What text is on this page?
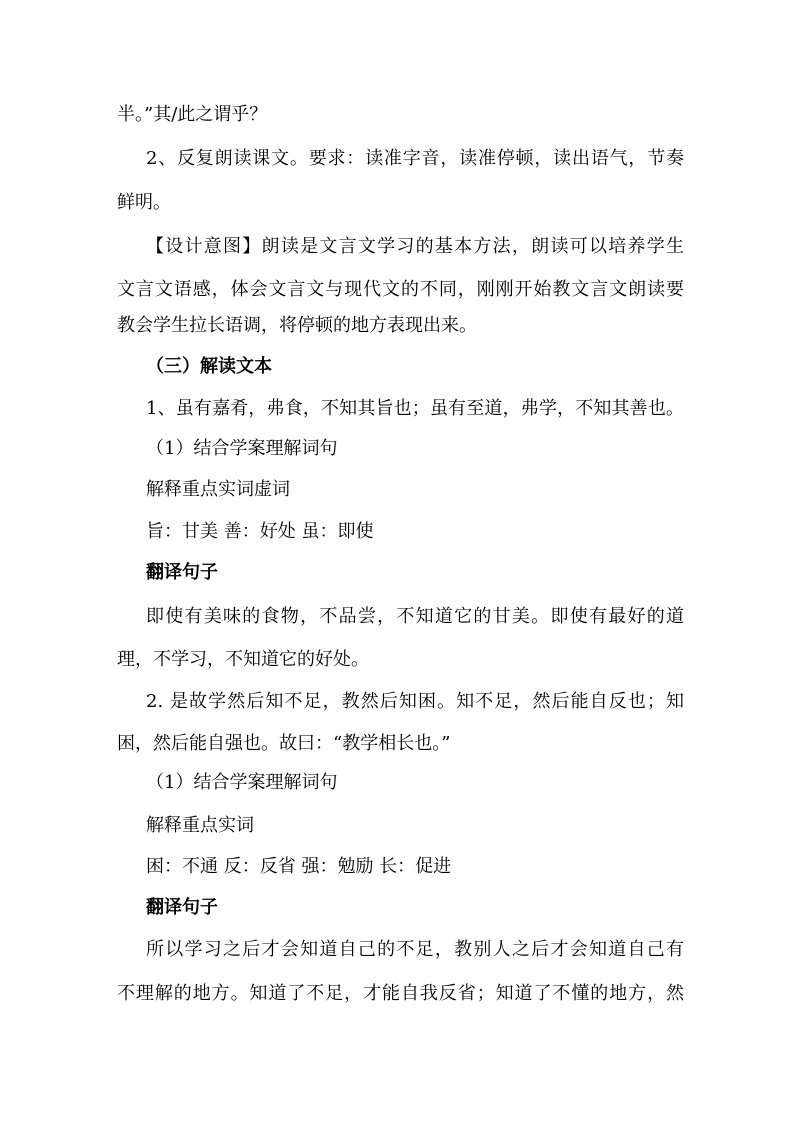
半。”其/此之谓乎？
2、反复朗读课文。要求：读准字音，读准停顿，读出语气，节奏
鲜明。
【设计意图】朗读是文言文学习的基本方法，朗读可以培养学生
文言文语感，体会文言文与现代文的不同，刚刚开始教文言文朗读要
教会学生拉长语调，将停顿的地方表现出来。
（三）解读文本
1、虽有嘉肴，弗食，不知其旨也；虽有至道，弗学，不知其善也。
（1）结合学案理解词句
解释重点实词虚词
旨：甘美 善：好处 虽：即使
翻译句子
即使有美味的食物，不品尝，不知道它的甘美。即使有最好的道
理，不学习，不知道它的好处。
2. 是故学然后知不足，教然后知困。知不足，然后能自反也；知
困，然后能自强也。故曰：“教学相长也。”
（1）结合学案理解词句
解释重点实词
困：不通 反：反省 强：勉励 长：促进
翻译句子
所以学习之后才会知道自己的不足，教别人之后才会知道自己有
不理解的地方。知道了不足，才能自我反省；知道了不懂的地方，然
